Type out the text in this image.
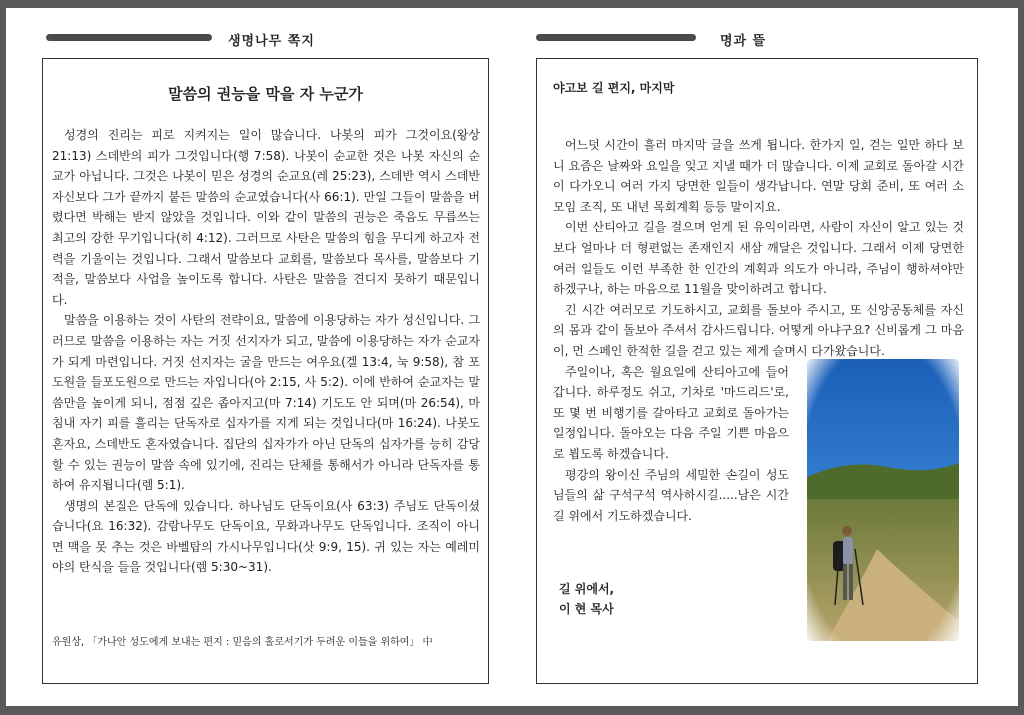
생명나무 쪽지	명과 뜰
말씀의 권능을 막을 자 누군가

성경의 진리는 피로 지켜지는 일이 많습니다. 나봇의 피가 그것이요(왕상 21:13) 스데반의 피가 그것입니다(행 7:58). 나봇이 순교한 것은 나봇 자신의 순교가 아닙니다. 그것은 나봇이 믿은 성경의 순교요(레 25:23), 스데반 역시 스데반 자신보다 그가 끝까지 붙든 말씀의 순교였습니다(사 66:1). 만일 그들이 말씀을 버렸다면 박해는 받지 않았을 것입니다. 이와 같이 말씀의 권능은 죽음도 무릅쓰는 최고의 강한 무기입니다(히 4:12). 그러므로 사탄은 말씀의 힘을 무디게 하고자 전력을 기울이는 것입니다. 그래서 말씀보다 교회를, 말씀보다 목사를, 말씀보다 기적을, 말씀보다 사업을 높이도록 합니다. 사탄은 말씀을 견디지 못하기 때문입니다.

말씀을 이용하는 것이 사탄의 전략이요, 말씀에 이용당하는 자가 성신입니다. 그러므로 말씀을 이용하는 자는 거짓 선지자가 되고, 말씀에 이용당하는 자가 순교자가 되게 마련입니다. 거짓 선지자는 굴을 만드는 여우요(겔 13:4, 눅 9:58), 참 포도원을 들포도원으로 만드는 자입니다(아 2:15, 사 5:2). 이에 반하여 순교자는 말씀만을 높이게 되니, 점점 깊은 좁아지고(마 7:14) 기도도 안 되며(마 26:54), 마침내 자기 피를 흘리는 단독자로 십자가를 지게 되는 것입니다(마 16:24). 나봇도 혼자요, 스데반도 혼자였습니다. 집단의 십자가가 아닌 단독의 십자가를 능히 감당할 수 있는 권능이 말씀 속에 있기에, 진리는 단체를 통해서가 아니라 단독자를 통하여 유지됩니다(렘 5:1).

생명의 본질은 단독에 있습니다. 하나님도 단독이요(사 63:3) 주님도 단독이셨습니다(요 16:32). 감람나무도 단독이요, 무화과나무도 단독입니다. 조직이 아니면 맥을 못 추는 것은 바벨탑의 가시나무입니다(삿 9:9, 15). 귀 있는 자는 예레미야의 탄식을 들을 것입니다(렘 5:30~31).

유원상, 「가나안 성도에게 보내는 편지 : 믿음의 홀로서기가 두려운 이들을 위하여」 中
야고보 길 편지, 마지막

어느덧 시간이 흘러 마지막 글을 쓰게 됩니다. 한가지 일, 걷는 일만 하다 보니 요즘은 날짜와 요일을 잊고 지낼 때가 더 많습니다. 이제 교회로 돌아갈 시간이 다가오니 여러 가지 당면한 일들이 생각납니다. 연말 당회 준비, 또 여러 소모임 조직, 또 내년 목회계획 등등 말이지요.

이번 산티아고 길을 걸으며 얻게 된 유익이라면, 사람이 자신이 알고 있는 것보다 얼마나 더 형편없는 존재인지 새삼 깨달은 것입니다. 그래서 이제 당면한 여러 일들도 이런 부족한 한 인간의 계획과 의도가 아니라, 주님이 행하셔야만 하겠구나, 하는 마음으로 11월을 맞이하려고 합니다.

긴 시간 여러모로 기도하시고, 교회를 돌보아 주시고, 또 신앙공동체를 자신의 몸과 같이 돌보아 주셔서 감사드립니다. 어떻게 아냐구요? 신비롭게 그 마음이, 먼 스페인 한적한 길을 걷고 있는 제게 슬며시 다가왔습니다.

주일이나, 혹은 월요일에 산티아고에 들어갑니다. 하루정도 쉬고, 기차로 '마드리드'로, 또 몇 번 비행기를 갈아타고 교회로 돌아가는 일정입니다. 돌아오는 다음 주일 기쁜 마음으로 뵙도록 하겠습니다.

평강의 왕이신 주님의 세밀한 손길이 성도님들의 삶 구석구석 역사하시길.....남은 시간 길 위에서 기도하겠습니다.

길 위에서,
이 현 목사
